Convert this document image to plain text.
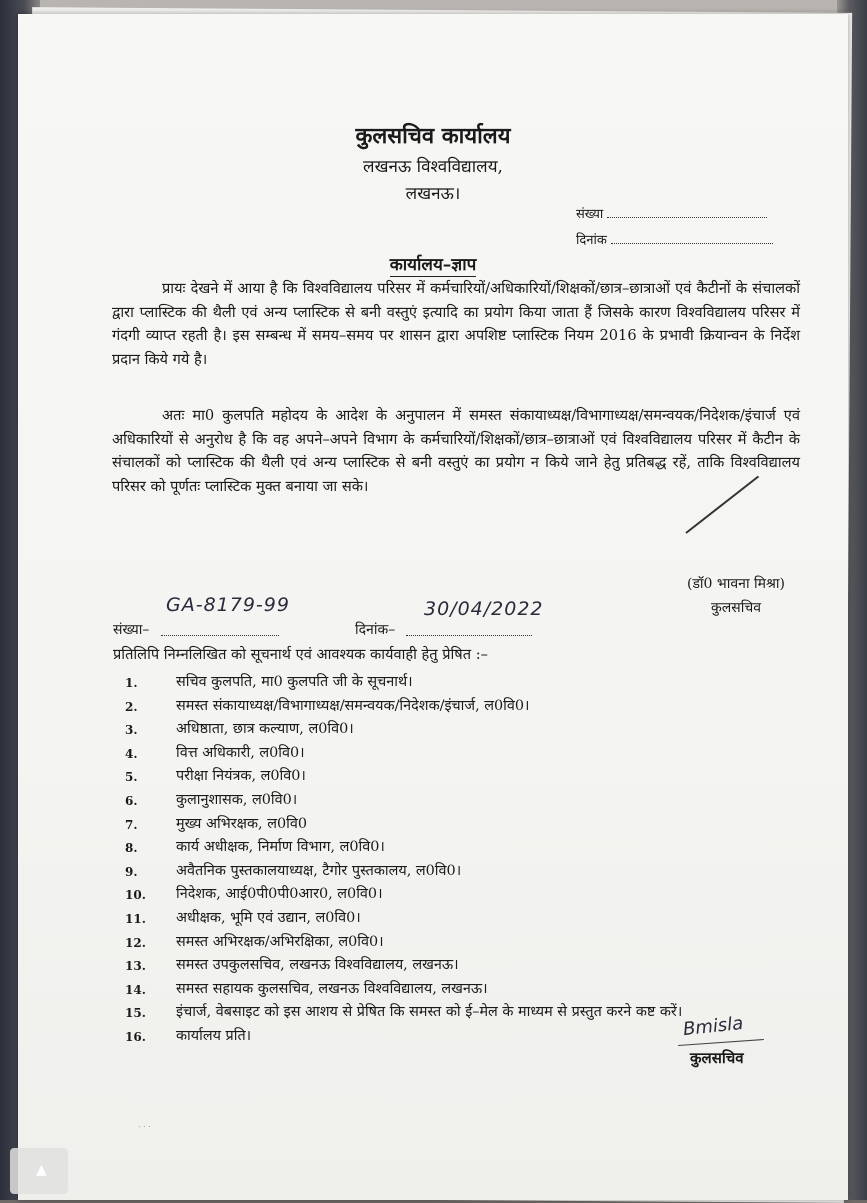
कुलसचिव कार्यालय
लखनऊ विश्वविद्यालय,
लखनऊ।
संख्या
दिनांक
कार्यालय–ज्ञाप
प्रायः देखने में आया है कि विश्वविद्यालय परिसर में कर्मचारियों/अधिकारियों/शिक्षकों/छात्र–छात्राओं एवं कैटीनों के संचालकों द्वारा प्लास्टिक की थैली एवं अन्य प्लास्टिक से बनी वस्तुएं इत्यादि का प्रयोग किया जाता हैं जिसके कारण विश्वविद्यालय परिसर में गंदगी व्याप्त रहती है। इस सम्बन्ध में समय–समय पर शासन द्वारा अपशिष्ट प्लास्टिक नियम 2016 के प्रभावी क्रियान्वन के निर्देश प्रदान किये गये है।
अतः मा0 कुलपति महोदय के आदेश के अनुपालन में समस्त संकायाध्यक्ष/विभागाध्यक्ष/समन्वयक/निदेशक/इंचार्ज एवं अधिकारियों से अनुरोध है कि वह अपने–अपने विभाग के कर्मचारियों/शिक्षकों/छात्र–छात्राओं एवं विश्वविद्यालय परिसर में कैटीन के संचालकों को प्लास्टिक की थैली एवं अन्य प्लास्टिक से बनी वस्तुएं का प्रयोग न किये जाने हेतु प्रतिबद्ध रहें, ताकि विश्वविद्यालय परिसर को पूर्णतः प्लास्टिक मुक्त बनाया जा सके।
(डॉ0 भावना मिश्रा)
कुलसचिव
संख्या–
GA-8179-99
दिनांक–
30/04/2022
प्रतिलिपि निम्नलिखित को सूचनार्थ एवं आवश्यक कार्यवाही हेतु प्रेषित :–
1.	सचिव कुलपति, मा0 कुलपति जी के सूचनार्थ।
2.	समस्त संकायाध्यक्ष/विभागाध्यक्ष/समन्वयक/निदेशक/इंचार्ज, ल0वि0।
3.	अधिष्ठाता, छात्र कल्याण, ल0वि0।
4.	वित्त अधिकारी, ल0वि0।
5.	परीक्षा नियंत्रक, ल0वि0।
6.	कुलानुशासक, ल0वि0।
7.	मुख्य अभिरक्षक, ल0वि0
8.	कार्य अधीक्षक, निर्माण विभाग, ल0वि0।
9.	अवैतनिक पुस्तकालयाध्यक्ष, टैगोर पुस्तकालय, ल0वि0।
10. निदेशक, आई0पी0पी0आर0, ल0वि0।
11. अधीक्षक, भूमि एवं उद्यान, ल0वि0।
12. समस्त अभिरक्षक/अभिरक्षिका, ल0वि0।
13. समस्त उपकुलसचिव, लखनऊ विश्वविद्यालय, लखनऊ।
14. समस्त सहायक कुलसचिव, लखनऊ विश्वविद्यालय, लखनऊ।
15. इंचार्ज, वेबसाइट को इस आशय से प्रेषित कि समस्त को ई–मेल के माध्यम से प्रस्तुत करने कष्ट करें।
16. कार्यालय प्रति।	Bmisla
कुलसचिव
. . .
▲
